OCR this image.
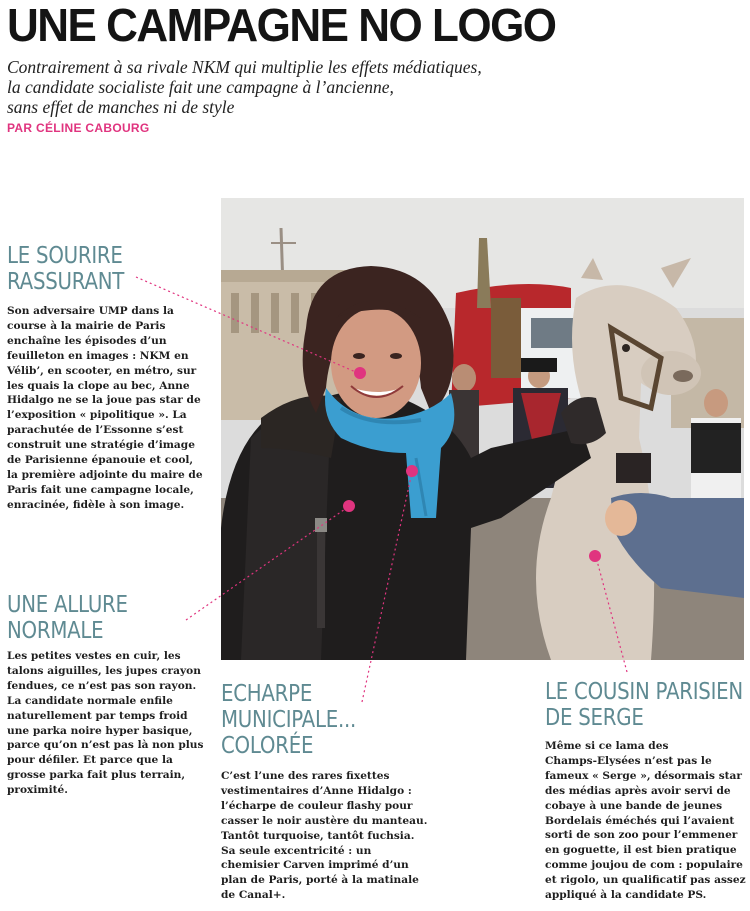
UNE CAMPAGNE NO LOGO
Contrairement à sa rivale NKM qui multiplie les effets médiatiques,
la candidate socialiste fait une campagne à l’ancienne,
sans effet de manches ni de style
PAR CÉLINE CABOURG
LE SOURIRE
RASSURANT
Son adversaire UMP dans la
course à la mairie de Paris
enchaîne les épisodes d’un
feuilleton en images : NKM en
Vélib’, en scooter, en métro, sur
les quais la clope au bec, Anne
Hidalgo ne se la joue pas star de
l’exposition « pipolitique ». La
parachutée de l’Essonne s’est
construit une stratégie d’image
de Parisienne épanouie et cool,
la première adjointe du maire de
Paris fait une campagne locale,
enracinée, fidèle à son image.
UNE ALLURE
NORMALE
Les petites vestes en cuir, les
talons aiguilles, les jupes crayon
fendues, ce n’est pas son rayon.
La candidate normale enfile
naturellement par temps froid
une parka noire hyper basique,
parce qu’on n’est pas là non plus
pour défiler. Et parce que la
grosse parka fait plus terrain,
proximité.
ECHARPE
MUNICIPALE...
COLORÉE
C’est l’une des rares fixettes
vestimentaires d’Anne Hidalgo :
l’écharpe de couleur flashy pour
casser le noir austère du manteau.
Tantôt turquoise, tantôt fuchsia.
Sa seule excentricité : un
chemisier Carven imprimé d’un
plan de Paris, porté à la matinale
de Canal+.
LE COUSIN PARISIEN
DE SERGE
Même si ce lama des
Champs-Elysées n’est pas le
fameux « Serge », désormais star
des médias après avoir servi de
cobaye à une bande de jeunes
Bordelais éméchés qui l’avaient
sorti de son zoo pour l’emmener
en goguette, il est bien pratique
comme joujou de com : populaire
et rigolo, un qualificatif pas assez
appliqué à la candidate PS.
